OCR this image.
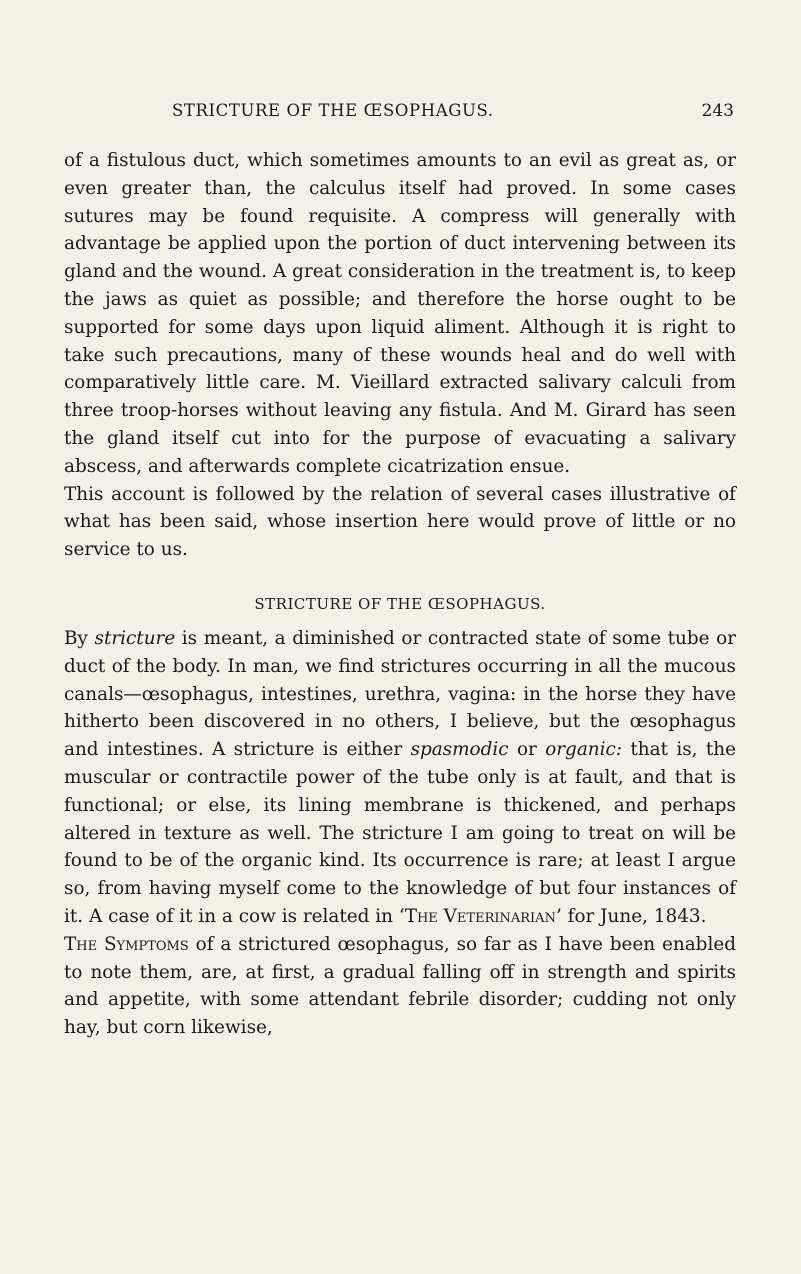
STRICTURE OF THE ŒSOPHAGUS.	243

of a fistulous duct, which sometimes amounts to an evil as great as, or even greater than, the calculus itself had proved. In some cases sutures may be found requisite. A compress will generally with advantage be applied upon the portion of duct intervening between its gland and the wound. A great consideration in the treatment is, to keep the jaws as quiet as possible; and therefore the horse ought to be supported for some days upon liquid aliment. Although it is right to take such precautions, many of these wounds heal and do well with comparatively little care. M. Vieillard extracted salivary calculi from three troop-horses without leaving any fistula. And M. Girard has seen the gland itself cut into for the purpose of evacuating a salivary abscess, and afterwards complete cicatrization ensue.

This account is followed by the relation of several cases illustrative of what has been said, whose insertion here would prove of little or no service to us.

STRICTURE OF THE ŒSOPHAGUS.

By stricture is meant, a diminished or contracted state of some tube or duct of the body. In man, we find strictures occurring in all the mucous canals—œsophagus, intestines, urethra, vagina: in the horse they have hitherto been discovered in no others, I believe, but the œsophagus and intestines. A stricture is either spasmodic or organic: that is, the muscular or contractile power of the tube only is at fault, and that is functional; or else, its lining membrane is thickened, and perhaps altered in texture as well. The stricture I am going to treat on will be found to be of the organic kind. Its occurrence is rare; at least I argue so, from having myself come to the knowledge of but four instances of it. A case of it in a cow is related in ‘The Veterinarian’ for June, 1843.

The Symptoms of a strictured œsophagus, so far as I have been enabled to note them, are, at first, a gradual falling off in strength and spirits and appetite, with some attendant febrile disorder; cudding not only hay, but corn likewise,
